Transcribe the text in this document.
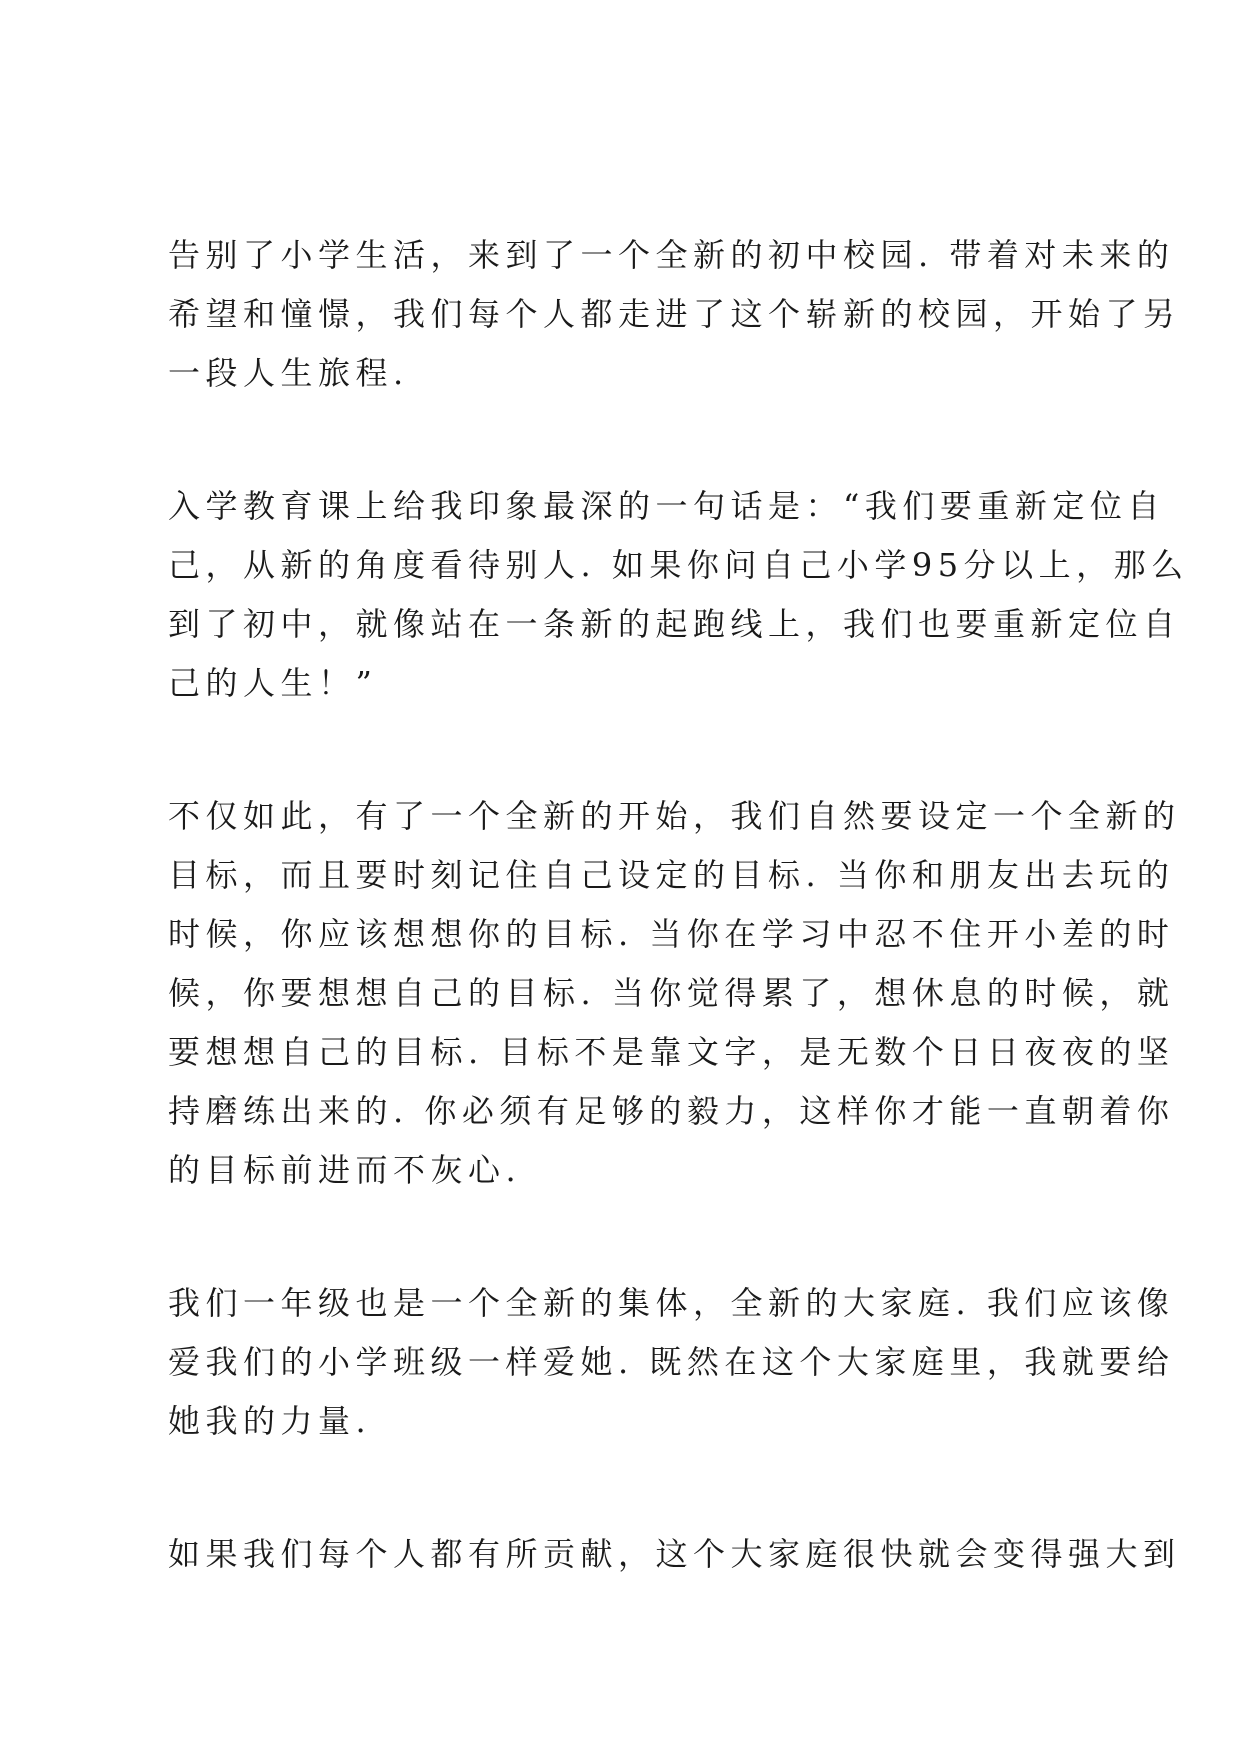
告别了小学生活，来到了一个全新的初中校园. 带着对未来的
希望和憧憬，我们每个人都走进了这个崭新的校园，开始了另
一段人生旅程.

入学教育课上给我印象最深的一句话是：“我们要重新定位自
己，从新的角度看待别人. 如果你问自己小学95分以上，那么
到了初中，就像站在一条新的起跑线上，我们也要重新定位自
己的人生！”

不仅如此，有了一个全新的开始，我们自然要设定一个全新的
目标，而且要时刻记住自己设定的目标. 当你和朋友出去玩的
时候，你应该想想你的目标. 当你在学习中忍不住开小差的时
候，你要想想自己的目标. 当你觉得累了，想休息的时候，就
要想想自己的目标. 目标不是靠文字，是无数个日日夜夜的坚
持磨练出来的. 你必须有足够的毅力，这样你才能一直朝着你
的目标前进而不灰心.

我们一年级也是一个全新的集体，全新的大家庭. 我们应该像
爱我们的小学班级一样爱她. 既然在这个大家庭里，我就要给
她我的力量.

如果我们每个人都有所贡献，这个大家庭很快就会变得强大到
